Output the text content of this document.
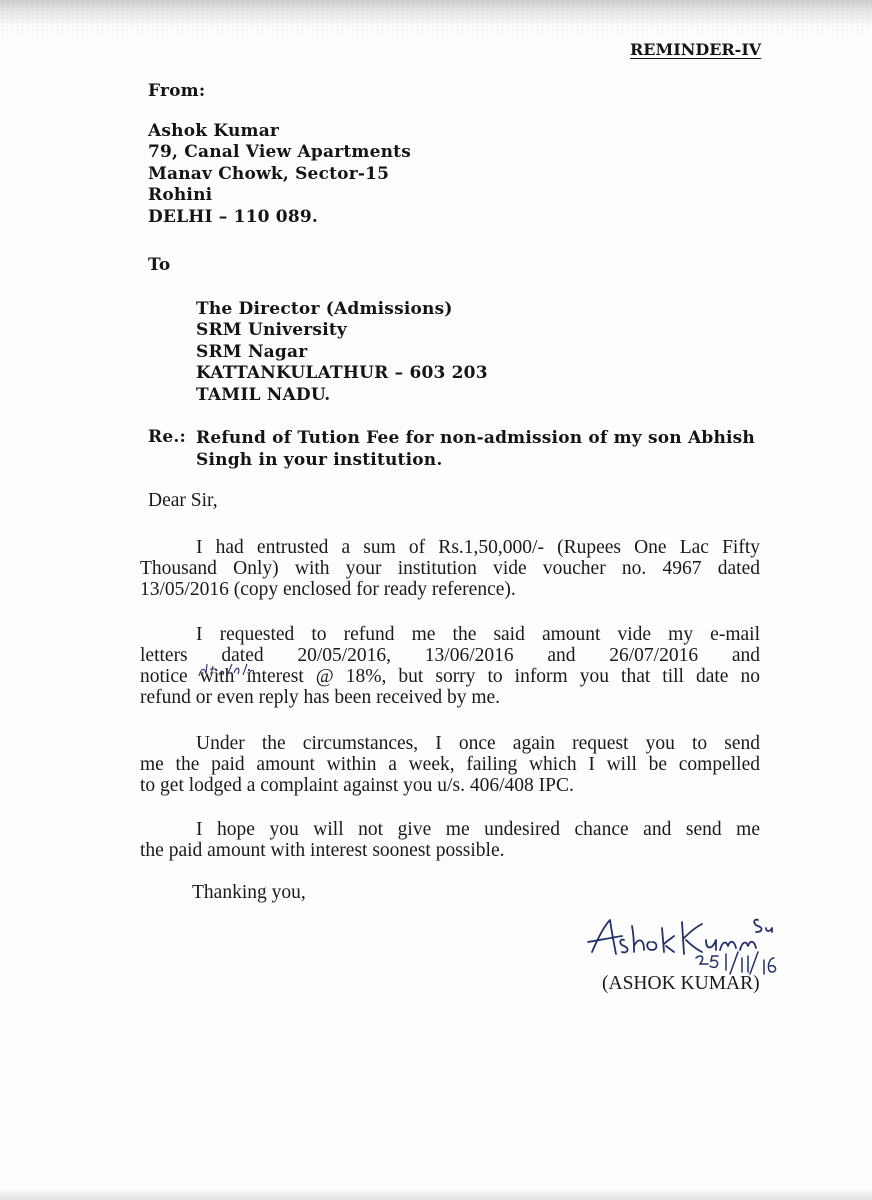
REMINDER-IV
From:
Ashok Kumar
79, Canal View Apartments
Manav Chowk, Sector-15
Rohini
DELHI – 110 089.
To
The Director (Admissions)
SRM University
SRM Nagar
KATTANKULATHUR – 603 203
TAMIL NADU.
Re.: Refund of Tution Fee for non-admission of my son Abhish
Singh in your institution.
Dear Sir,
I had entrusted a sum of Rs.1,50,000/- (Rupees One Lac Fifty
Thousand Only) with your institution vide voucher no. 4967 dated
13/05/2016 (copy enclosed for ready reference).
I requested to refund me the said amount vide my e-mail
letters dated 20/05/2016, 13/06/2016 and 26/07/2016 and
notice with interest @ 18%, but sorry to inform you that till date no
refund or even reply has been received by me.
Under the circumstances, I once again request you to send
me the paid amount within a week, failing which I will be compelled
to get lodged a complaint against you u/s. 406/408 IPC.
I hope you will not give me undesired chance and send me
the paid amount with interest soonest possible.
Thanking you,
(ASHOK KUMAR)
